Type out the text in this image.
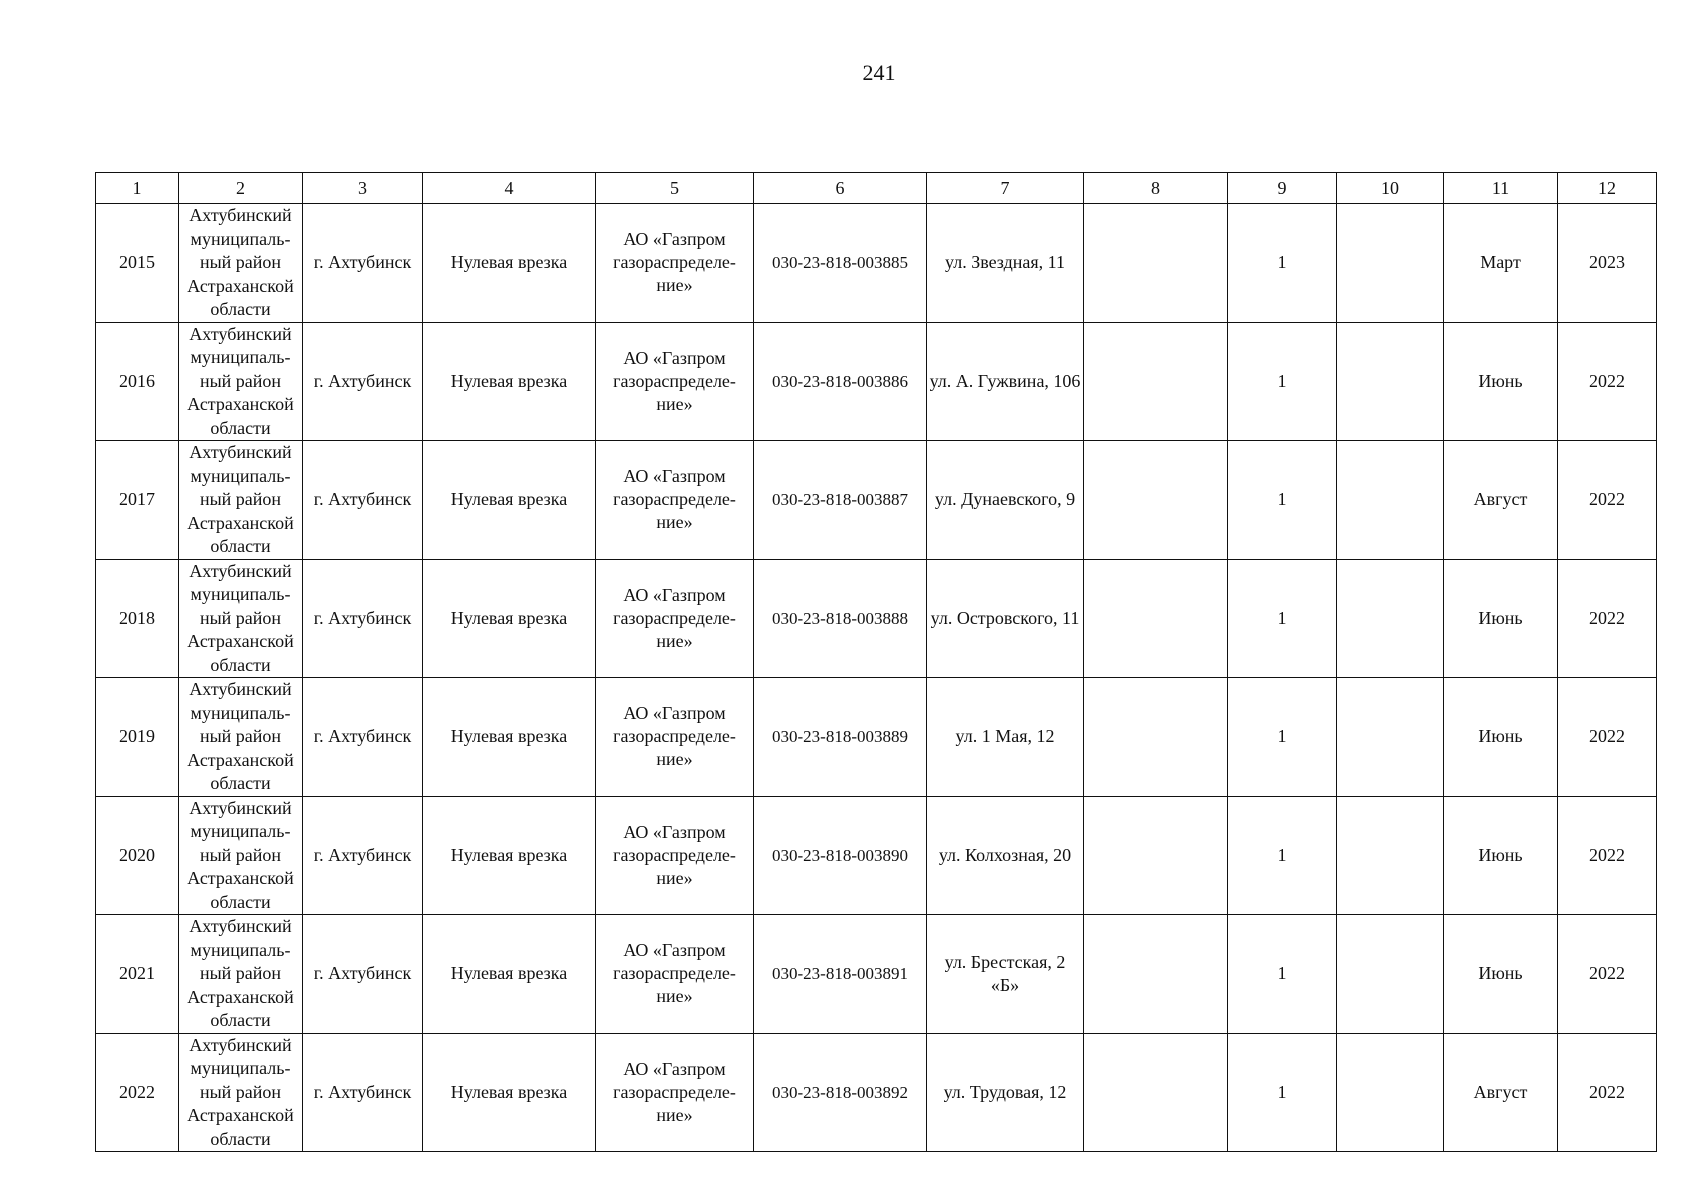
241
1	2	3	4	5	6	7	8	9	10	11	12
2015	Ахтубинский
муниципаль-
ный район
Астраханской
области	г. Ахтубинск	Нулевая врезка	АО «Газпром
газораспределе-
ние»	030-23-818-003885	ул. Звездная, 11		1		Март	2023
2016	Ахтубинский
муниципаль-
ный район
Астраханской
области	г. Ахтубинск	Нулевая врезка	АО «Газпром
газораспределе-
ние»	030-23-818-003886	ул. А. Гужвина, 106		1		Июнь	2022
2017	Ахтубинский
муниципаль-
ный район
Астраханской
области	г. Ахтубинск	Нулевая врезка	АО «Газпром
газораспределе-
ние»	030-23-818-003887	ул. Дунаевского, 9		1		Август	2022
2018	Ахтубинский
муниципаль-
ный район
Астраханской
области	г. Ахтубинск	Нулевая врезка	АО «Газпром
газораспределе-
ние»	030-23-818-003888	ул. Островского, 11		1		Июнь	2022
2019	Ахтубинский
муниципаль-
ный район
Астраханской
области	г. Ахтубинск	Нулевая врезка	АО «Газпром
газораспределе-
ние»	030-23-818-003889	ул. 1 Мая, 12		1		Июнь	2022
2020	Ахтубинский
муниципаль-
ный район
Астраханской
области	г. Ахтубинск	Нулевая врезка	АО «Газпром
газораспределе-
ние»	030-23-818-003890	ул. Колхозная, 20		1		Июнь	2022
2021	Ахтубинский
муниципаль-
ный район
Астраханской
области	г. Ахтубинск	Нулевая врезка	АО «Газпром
газораспределе-
ние»	030-23-818-003891	ул. Брестская, 2 «Б»		1		Июнь	2022
2022	Ахтубинский
муниципаль-
ный район
Астраханской
области	г. Ахтубинск	Нулевая врезка	АО «Газпром
газораспределе-
ние»	030-23-818-003892	ул. Трудовая, 12		1		Август	2022
